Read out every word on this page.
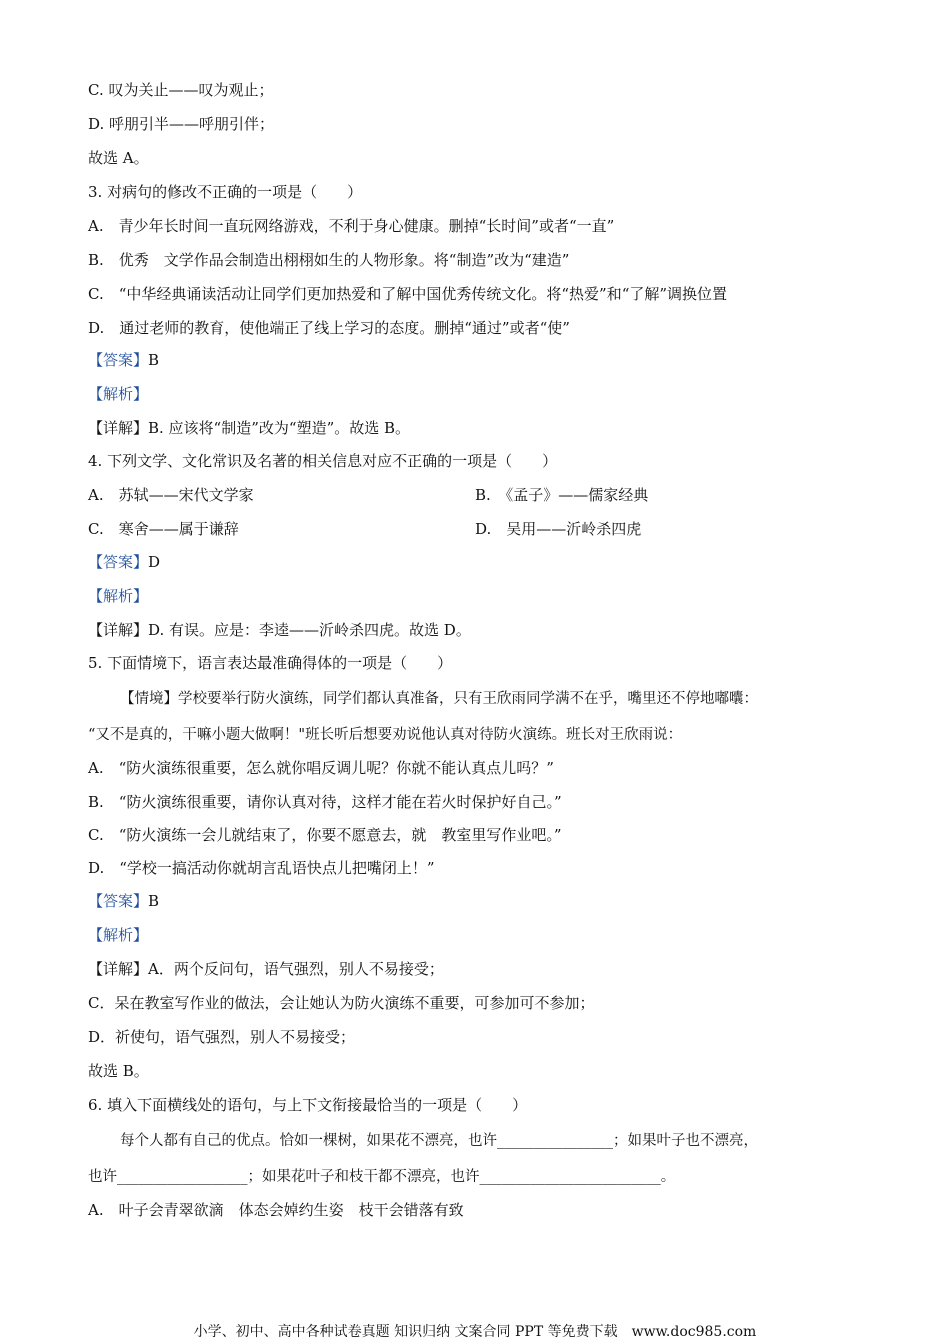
C. 叹为关止——叹为观止；
D. 呼朋引半——呼朋引伴；
故选 A。
3. 对病句的修改不正确的一项是（　　）
A.　青少年长时间一直玩网络游戏，不利于身心健康。删掉“长时间”或者“一直”
B.　优秀　文学作品会制造出栩栩如生的人物形象。将“制造”改为“建造”
C.　“中华经典诵读活动让同学们更加热爱和了解中国优秀传统文化。将“热爱”和“了解”调换位置
D.　通过老师的教育，使他端正了线上学习的态度。删掉“通过”或者“使”
【答案】B
【解析】
【详解】B. 应该将“制造”改为“塑造”。故选 B。
4. 下列文学、文化常识及名著的相关信息对应不正确的一项是（　　）
A.　苏轼——宋代文学家	B.　《孟子》——儒家经典
C.　寒舍——属于谦辞	D.　吴用——沂岭杀四虎
【答案】D
【解析】
【详解】D. 有误。应是：李逵——沂岭杀四虎。故选 D。
5. 下面情境下，语言表达最准确得体的一项是（　　）
【情境】学校要举行防火演练，同学们都认真准备，只有王欣雨同学满不在乎，嘴里还不停地嘟囔：
“又不是真的，干嘛小题大做啊！"班长听后想要劝说他认真对待防火演练。班长对王欣雨说：
A.　“防火演练很重要，怎么就你唱反调儿呢？你就不能认真点儿吗？”
B.　“防火演练很重要，请你认真对待，这样才能在若火时保护好自己。”
C.　“防火演练一会儿就结束了，你要不愿意去，就　教室里写作业吧。”
D.　“学校一搞活动你就胡言乱语快点儿把嘴闭上！”
【答案】B
【解析】
【详解】A．两个反问句，语气强烈，别人不易接受；
C．呆在教室写作业的做法，会让她认为防火演练不重要，可参加可不参加；
D．祈使句，语气强烈，别人不易接受；
故选 B。
6. 填入下面横线处的语句，与上下文衔接最恰当的一项是（　　）
每个人都有自己的优点。恰如一棵树，如果花不漂亮，也许________________；如果叶子也不漂亮，
也许__________________；如果花叶子和枝干都不漂亮，也许_________________________。
A.　叶子会青翠欲滴　体态会婥约生姿　枝干会错落有致
小学、初中、高中各种试卷真题 知识归纳 文案合同 PPT 等免费下载　www.doc985.com
